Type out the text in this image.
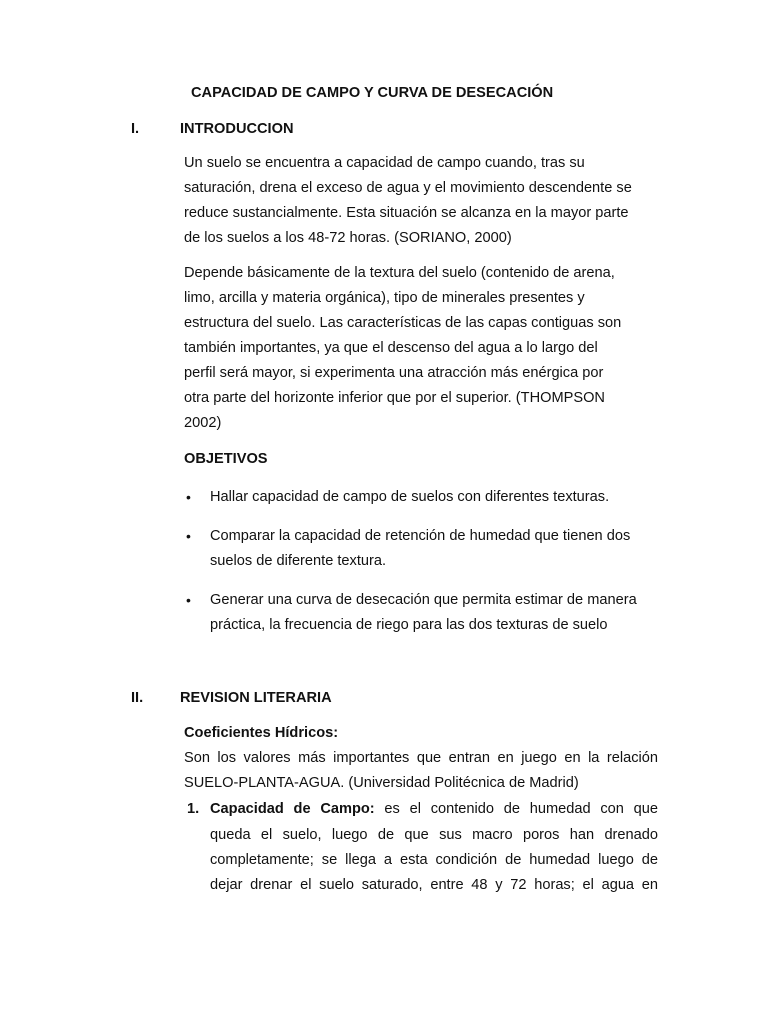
CAPACIDAD DE CAMPO Y CURVA DE DESECACIÓN
I.	INTRODUCCION
Un suelo se encuentra a capacidad de campo cuando, tras su
saturación, drena el exceso de agua y el movimiento descendente se
reduce sustancialmente. Esta situación se alcanza en la mayor parte
de los suelos a los 48-72 horas. (SORIANO, 2000)
Depende básicamente de la textura del suelo (contenido de arena,
limo, arcilla y materia orgánica), tipo de minerales presentes y
estructura del suelo. Las características de las capas contiguas son
también importantes, ya que el descenso del agua a lo largo del
perfil será mayor, si experimenta una atracción más enérgica por
otra parte del horizonte inferior que por el superior. (THOMPSON
2002)
OBJETIVOS
• Hallar capacidad de campo de suelos con diferentes texturas.
• Comparar la capacidad de retención de humedad que tienen dos
suelos de diferente textura.
• Generar una curva de desecación que permita estimar de manera
práctica, la frecuencia de riego para las dos texturas de suelo
II.	REVISION LITERARIA
Coeficientes Hídricos:
Son los valores más importantes que entran en juego en la relación
SUELO-PLANTA-AGUA. (Universidad Politécnica de Madrid)
1. Capacidad de Campo: es el contenido de humedad con que
queda el suelo, luego de que sus macro poros han drenado
completamente; se llega a esta condición de humedad luego de
dejar drenar el suelo saturado, entre 48 y 72 horas; el agua en
